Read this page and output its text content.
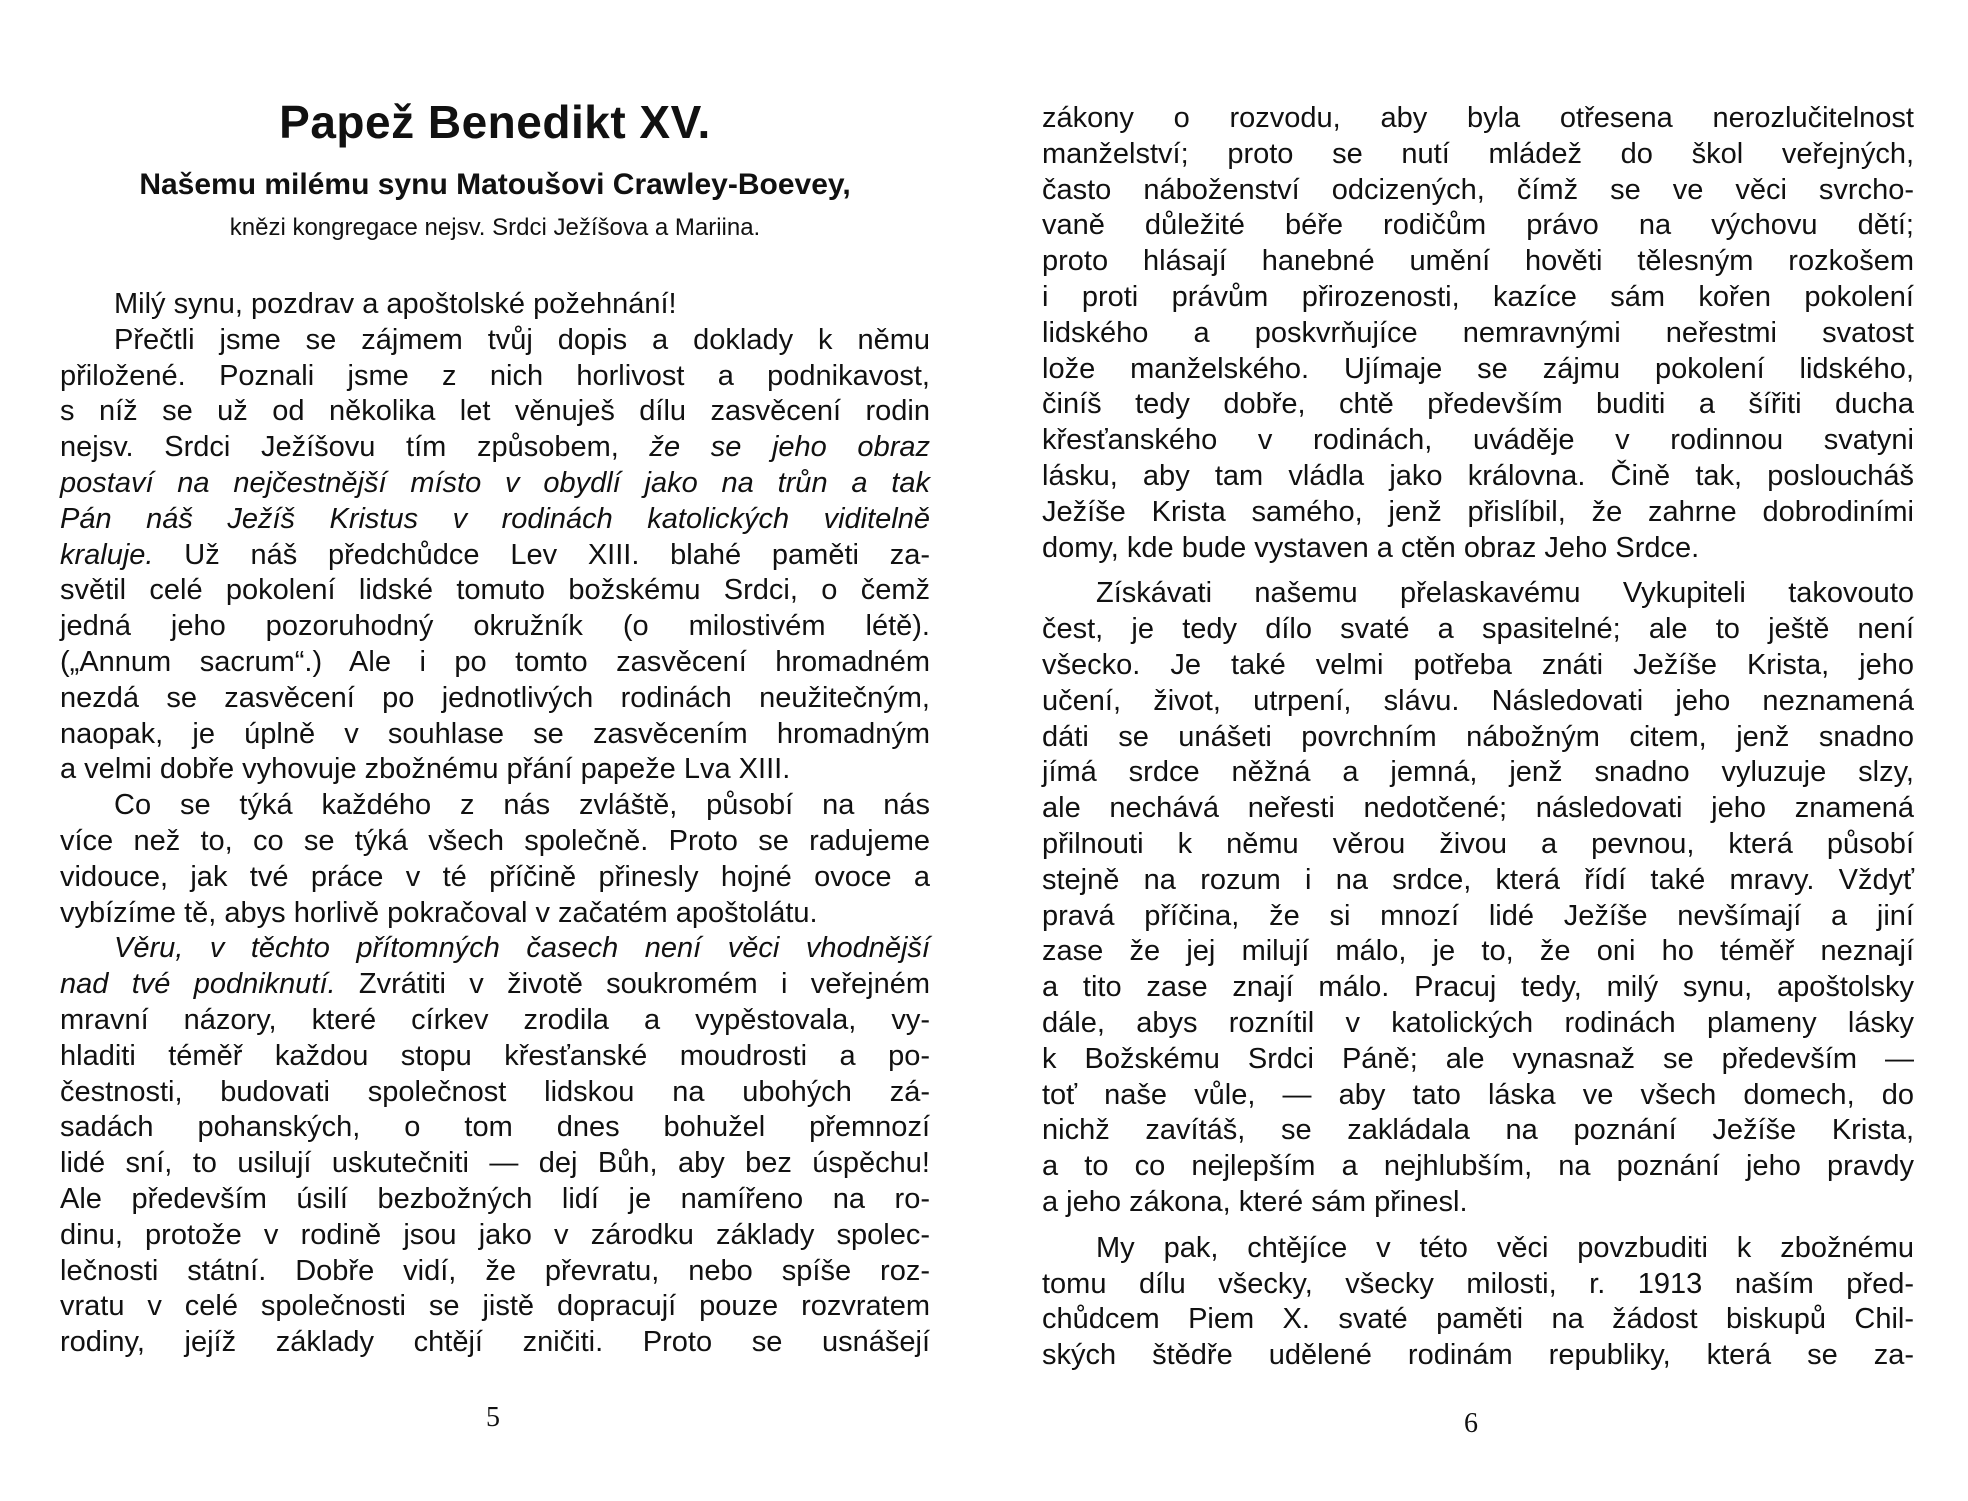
Papež Benedikt XV.
Našemu milému synu Matoušovi Crawley-Boevey,
knězi kongregace nejsv. Srdci Ježíšova a Mariina.
Milý synu, pozdrav a apoštolské požehnání!
Přečtli jsme se zájmem tvůj dopis a doklady k němu
přiložené. Poznali jsme z nich horlivost a podnikavost,
s níž se už od několika let věnuješ dílu zasvěcení rodin
nejsv. Srdci Ježíšovu tím způsobem, že se jeho obraz
postaví na nejčestnější místo v obydlí jako na trůn a tak
Pán náš Ježíš Kristus v rodinách katolických viditelně
kraluje. Už náš předchůdce Lev XIII. blahé paměti za-
světil celé pokolení lidské tomuto božskému Srdci, o čemž
jedná jeho pozoruhodný okružník (o milostivém létě).
(„Annum sacrum“.) Ale i po tomto zasvěcení hromadném
nezdá se zasvěcení po jednotlivých rodinách neužitečným,
naopak, je úplně v souhlase se zasvěcením hromadným
a velmi dobře vyhovuje zbožnému přání papeže Lva XIII.
Co se týká každého z nás zvláště, působí na nás
více než to, co se týká všech společně. Proto se radujeme
vidouce, jak tvé práce v té příčině přinesly hojné ovoce a
vybízíme tě, abys horlivě pokračoval v začatém apoštolátu.
Věru, v těchto přítomných časech není věci vhodnější
nad tvé podniknutí. Zvrátiti v životě soukromém i veřejném
mravní názory, které církev zrodila a vypěstovala, vy-
hladiti téměř každou stopu křesťanské moudrosti a po-
čestnosti, budovati společnost lidskou na ubohých zá-
sadách pohanských, o tom dnes bohužel přemnozí
lidé sní, to usilují uskutečniti — dej Bůh, aby bez úspěchu!
Ale především úsilí bezbožných lidí je namířeno na ro-
dinu, protože v rodině jsou jako v zárodku základy spolec-
lečnosti státní. Dobře vidí, že převratu, nebo spíše roz-
vratu v celé společnosti se jistě dopracují pouze rozvratem
rodiny, jejíž základy chtějí zničiti. Proto se usnášejí
5
zákony o rozvodu, aby byla otřesena nerozlučitelnost
manželství; proto se nutí mládež do škol veřejných,
často náboženství odcizených, čímž se ve věci svrcho-
vaně důležité béře rodičům právo na výchovu dětí;
proto hlásají hanebné umění hověti tělesným rozkošem
i proti právům přirozenosti, kazíce sám kořen pokolení
lidského a poskvrňujíce nemravnými neřestmi svatost
lože manželského. Ujímaje se zájmu pokolení lidského,
činíš tedy dobře, chtě především buditi a šířiti ducha
křesťanského v rodinách, uváděje v rodinnou svatyni
lásku, aby tam vládla jako královna. Čině tak, posloucháš
Ježíše Krista samého, jenž přislíbil, že zahrne dobrodiními
domy, kde bude vystaven a ctěn obraz Jeho Srdce.
Získávati našemu přelaskavému Vykupiteli takovouto
čest, je tedy dílo svaté a spasitelné; ale to ještě není
všecko. Je také velmi potřeba znáti Ježíše Krista, jeho
učení, život, utrpení, slávu. Následovati jeho neznamená
dáti se unášeti povrchním nábožným citem, jenž snadno
jímá srdce něžná a jemná, jenž snadno vyluzuje slzy,
ale nechává neřesti nedotčené; následovati jeho znamená
přilnouti k němu věrou živou a pevnou, která působí
stejně na rozum i na srdce, která řídí také mravy. Vždyť
pravá příčina, že si mnozí lidé Ježíše nevšímají a jiní
zase že jej milují málo, je to, že oni ho téměř neznají
a tito zase znají málo. Pracuj tedy, milý synu, apoštolsky
dále, abys roznítil v katolických rodinách plameny lásky
k Božskému Srdci Páně; ale vynasnaž se především —
toť naše vůle, — aby tato láska ve všech domech, do
nichž zavítáš, se zakládala na poznání Ježíše Krista,
a to co nejlepším a nejhlubším, na poznání jeho pravdy
a jeho zákona, které sám přinesl.
My pak, chtějíce v této věci povzbuditi k zbožnému
tomu dílu všecky, všecky milosti, r. 1913 naším před-
chůdcem Piem X. svaté paměti na žádost biskupů Chil-
ských štědře udělené rodinám republiky, která se za-
6
